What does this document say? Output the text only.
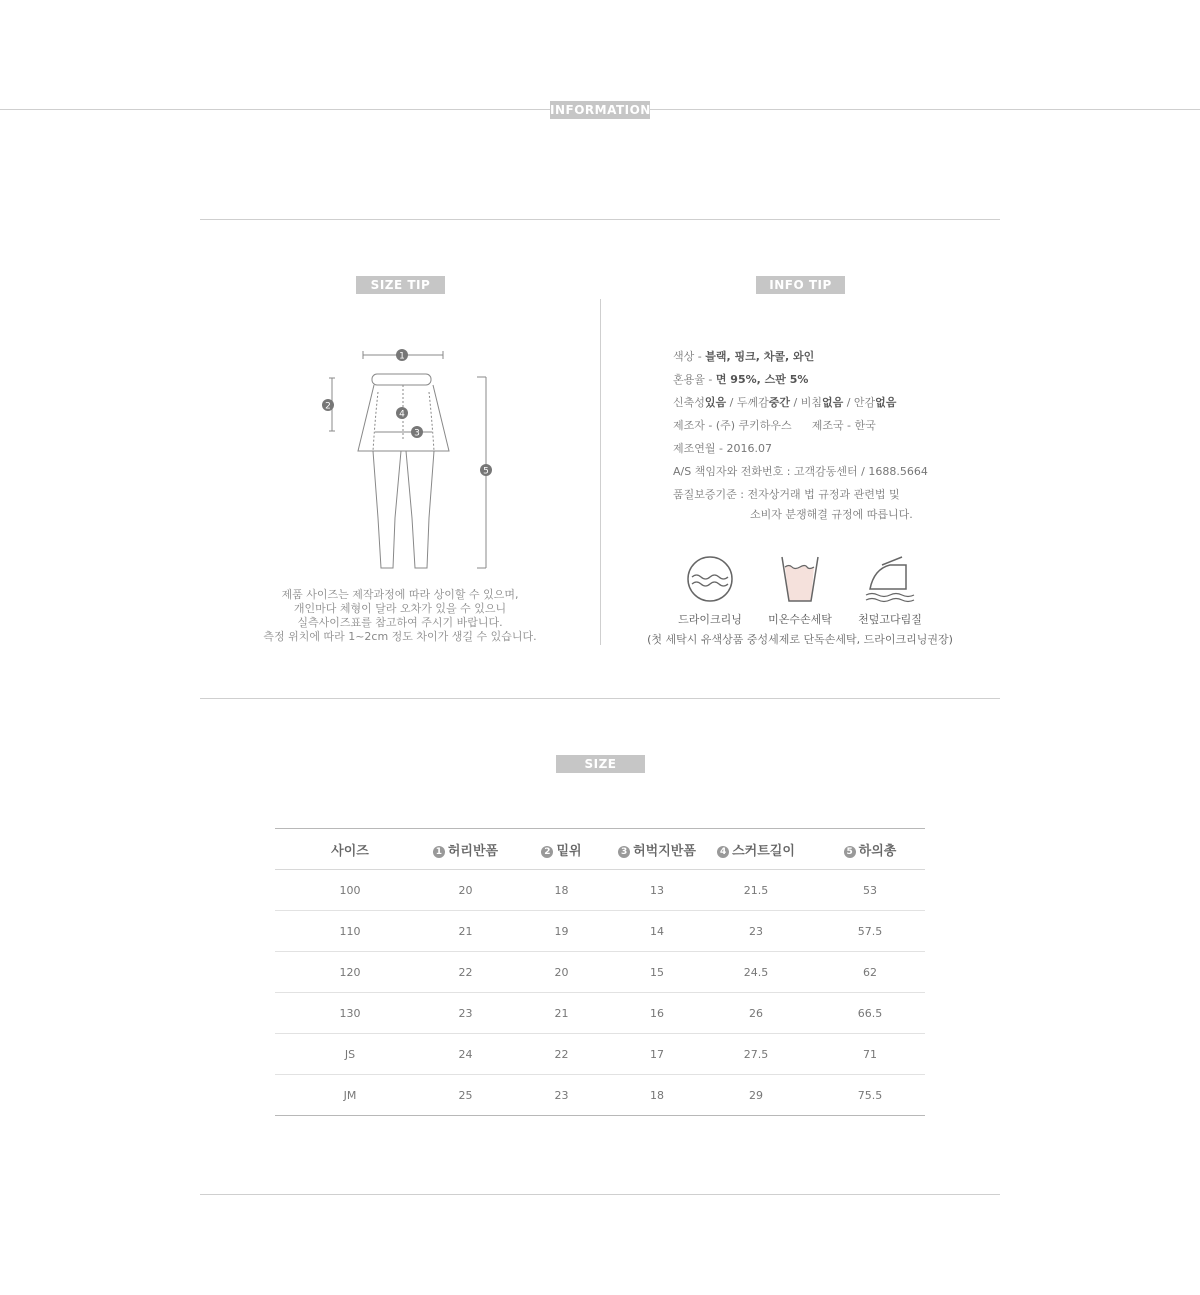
INFORMATION
SIZE TIP
1
2
3
4
5
제품 사이즈는 제작과정에 따라 상이할 수 있으며,
개인마다 체형이 달라 오차가 있을 수 있으니
실측사이즈표를 참고하여 주시기 바랍니다.
측정 위치에 따라 1~2cm 정도 차이가 생길 수 있습니다.
INFO TIP
색상 - 블랙, 핑크, 차콜, 와인
혼용율 - 면 95%, 스판 5%
신축성있음 / 두께감중간 / 비침없음 / 안감없음
제조자 - (주) 쿠키하우스 제조국 - 한국
제조연월 - 2016.07
A/S 책임자와 전화번호 : 고객감동센터 / 1688.5664
품질보증기준 : 전자상거래 법 규정과 관련법 및
소비자 분쟁해결 규정에 따릅니다.
드라이크리닝	미온수손세탁	천덮고다림질
(첫 세탁시 유색상품 중성세제로 단독손세탁, 드라이크리닝권장)
SIZE
사이즈	1 허리반폼	2 밑위	3 허벅지반폼	4 스커트길이	5 하의총
100	20	18	13	21.5	53
110	21	19	14	23	57.5
120	22	20	15	24.5	62
130	23	21	16	26	66.5
JS	24	22	17	27.5	71
JM	25	23	18	29	75.5
